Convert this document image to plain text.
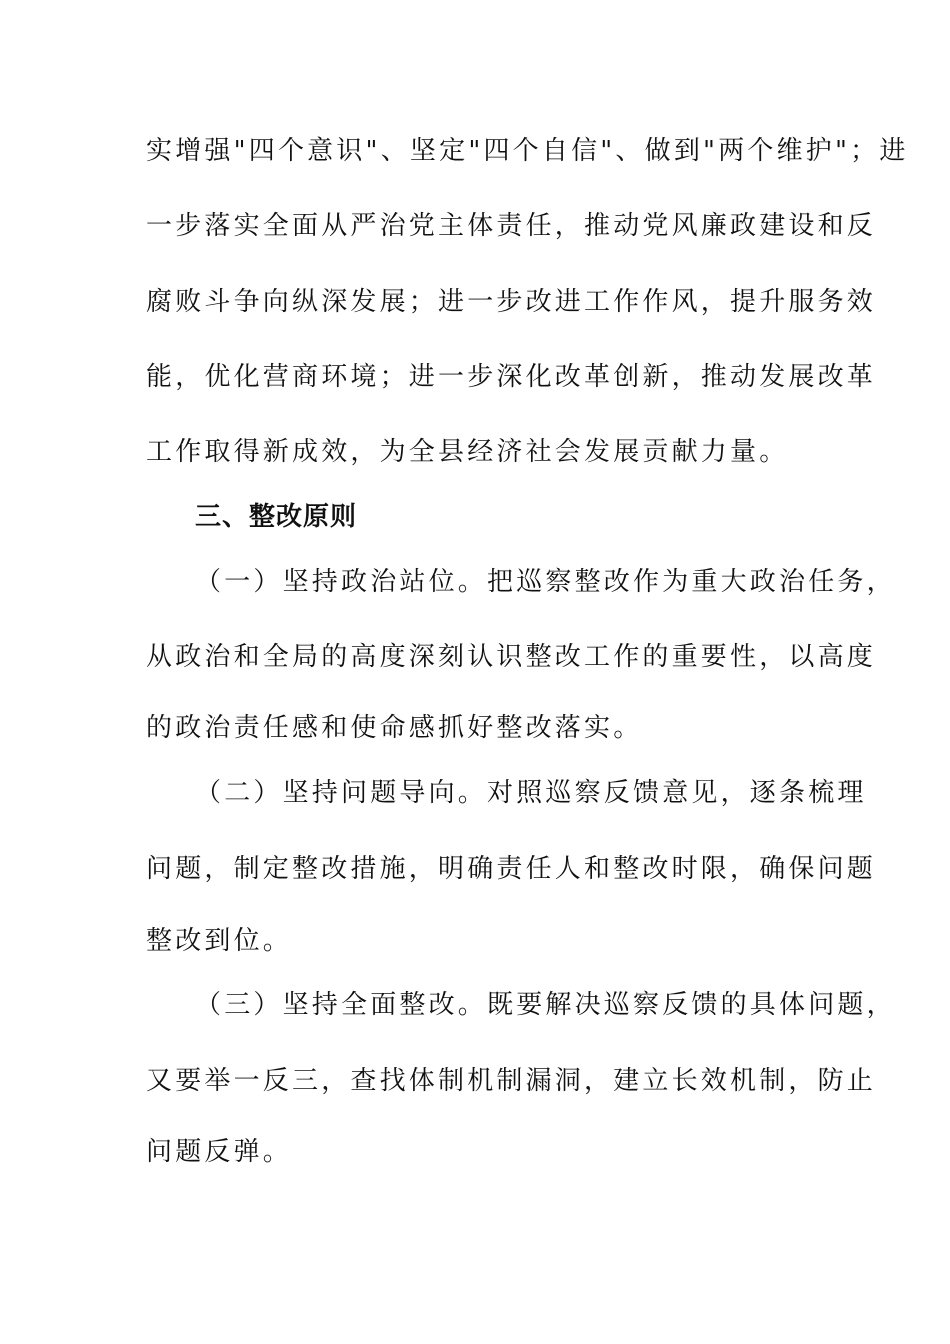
实增强"四个意识"、坚定"四个自信"、做到"两个维护"；进
一步落实全面从严治党主体责任，推动党风廉政建设和反
腐败斗争向纵深发展；进一步改进工作作风，提升服务效
能，优化营商环境；进一步深化改革创新，推动发展改革
工作取得新成效，为全县经济社会发展贡献力量。
三、整改原则
（一）坚持政治站位。把巡察整改作为重大政治任务，
从政治和全局的高度深刻认识整改工作的重要性，以高度
的政治责任感和使命感抓好整改落实。
（二）坚持问题导向。对照巡察反馈意见，逐条梳理
问题，制定整改措施，明确责任人和整改时限，确保问题
整改到位。
（三）坚持全面整改。既要解决巡察反馈的具体问题，
又要举一反三，查找体制机制漏洞，建立长效机制，防止
问题反弹。
